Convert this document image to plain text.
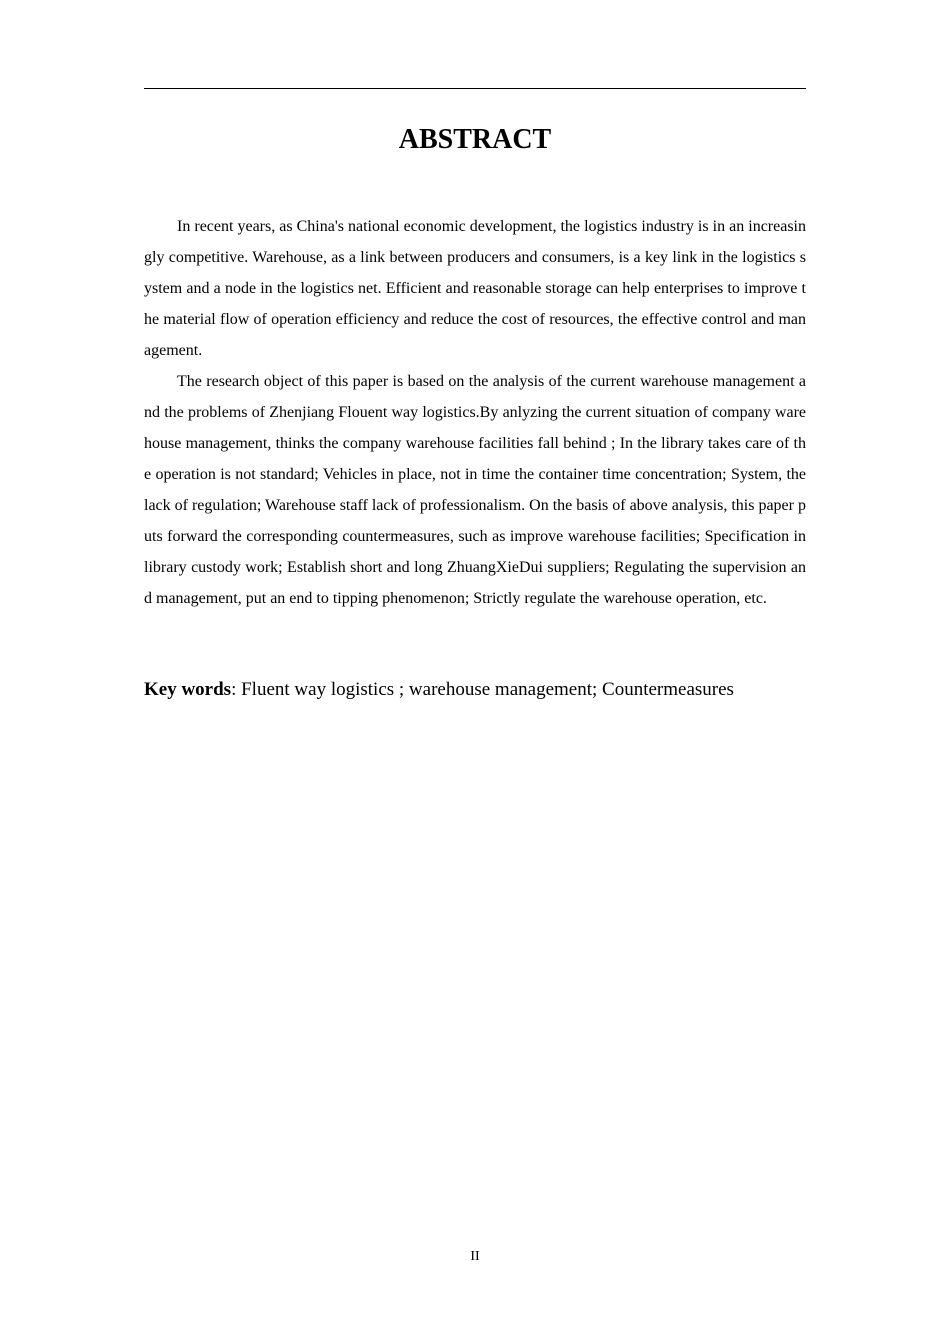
ABSTRACT

In recent years, as China's national economic development, the logistics industry is in an increasingly competitive. Warehouse, as a link between producers and consumers, is a key link in the logistics system and a node in the logistics net. Efficient and reasonable storage can help enterprises to improve the material flow of operation efficiency and reduce the cost of resources, the effective control and management.

The research object of this paper is based on the analysis of the current warehouse management and the problems of Zhenjiang Flouent way logistics.By anlyzing the current situation of company warehouse management, thinks the company warehouse facilities fall behind ; In the library takes care of the operation is not standard; Vehicles in place, not in time the container time concentration; System, the lack of regulation; Warehouse staff lack of professionalism. On the basis of above analysis, this paper puts forward the corresponding countermeasures, such as improve warehouse facilities; Specification in library custody work; Establish short and long ZhuangXieDui suppliers; Regulating the supervision and management, put an end to tipping phenomenon; Strictly regulate the warehouse operation, etc.

Key words: Fluent way logistics ; warehouse management; Countermeasures
II
